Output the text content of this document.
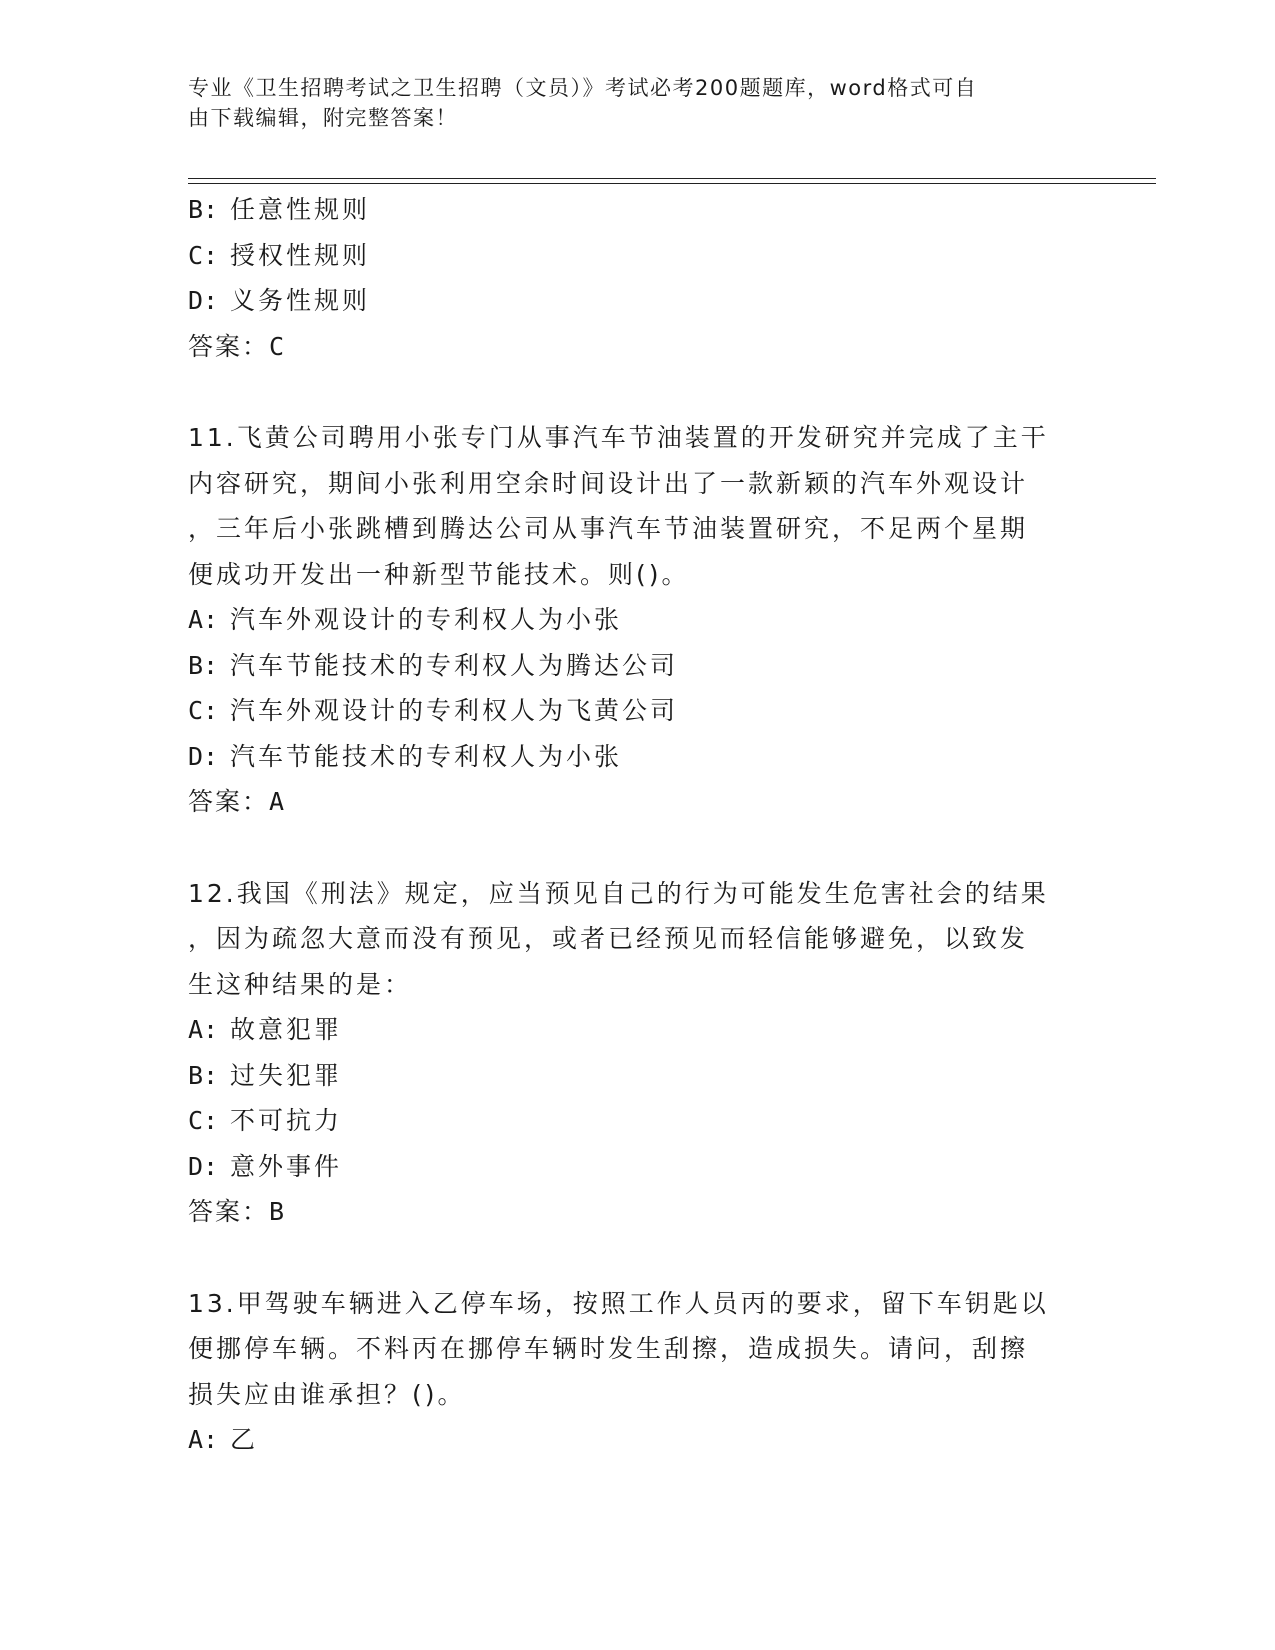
专业《卫生招聘考试之卫生招聘（文员）》考试必考200题题库，word格式可自
由下载编辑，附完整答案！
B: 任意性规则
C: 授权性规则
D: 义务性规则
答案：C
11.飞黄公司聘用小张专门从事汽车节油装置的开发研究并完成了主干
内容研究，期间小张利用空余时间设计出了一款新颖的汽车外观设计
，三年后小张跳槽到腾达公司从事汽车节油装置研究，不足两个星期
便成功开发出一种新型节能技术。则()。
A: 汽车外观设计的专利权人为小张
B: 汽车节能技术的专利权人为腾达公司
C: 汽车外观设计的专利权人为飞黄公司
D: 汽车节能技术的专利权人为小张
答案：A
12.我国《刑法》规定，应当预见自己的行为可能发生危害社会的结果
，因为疏忽大意而没有预见，或者已经预见而轻信能够避免，以致发
生这种结果的是：
A: 故意犯罪
B: 过失犯罪
C: 不可抗力
D: 意外事件
答案：B
13.甲驾驶车辆进入乙停车场，按照工作人员丙的要求，留下车钥匙以
便挪停车辆。不料丙在挪停车辆时发生刮擦，造成损失。请问，刮擦
损失应由谁承担？()。
A: 乙
